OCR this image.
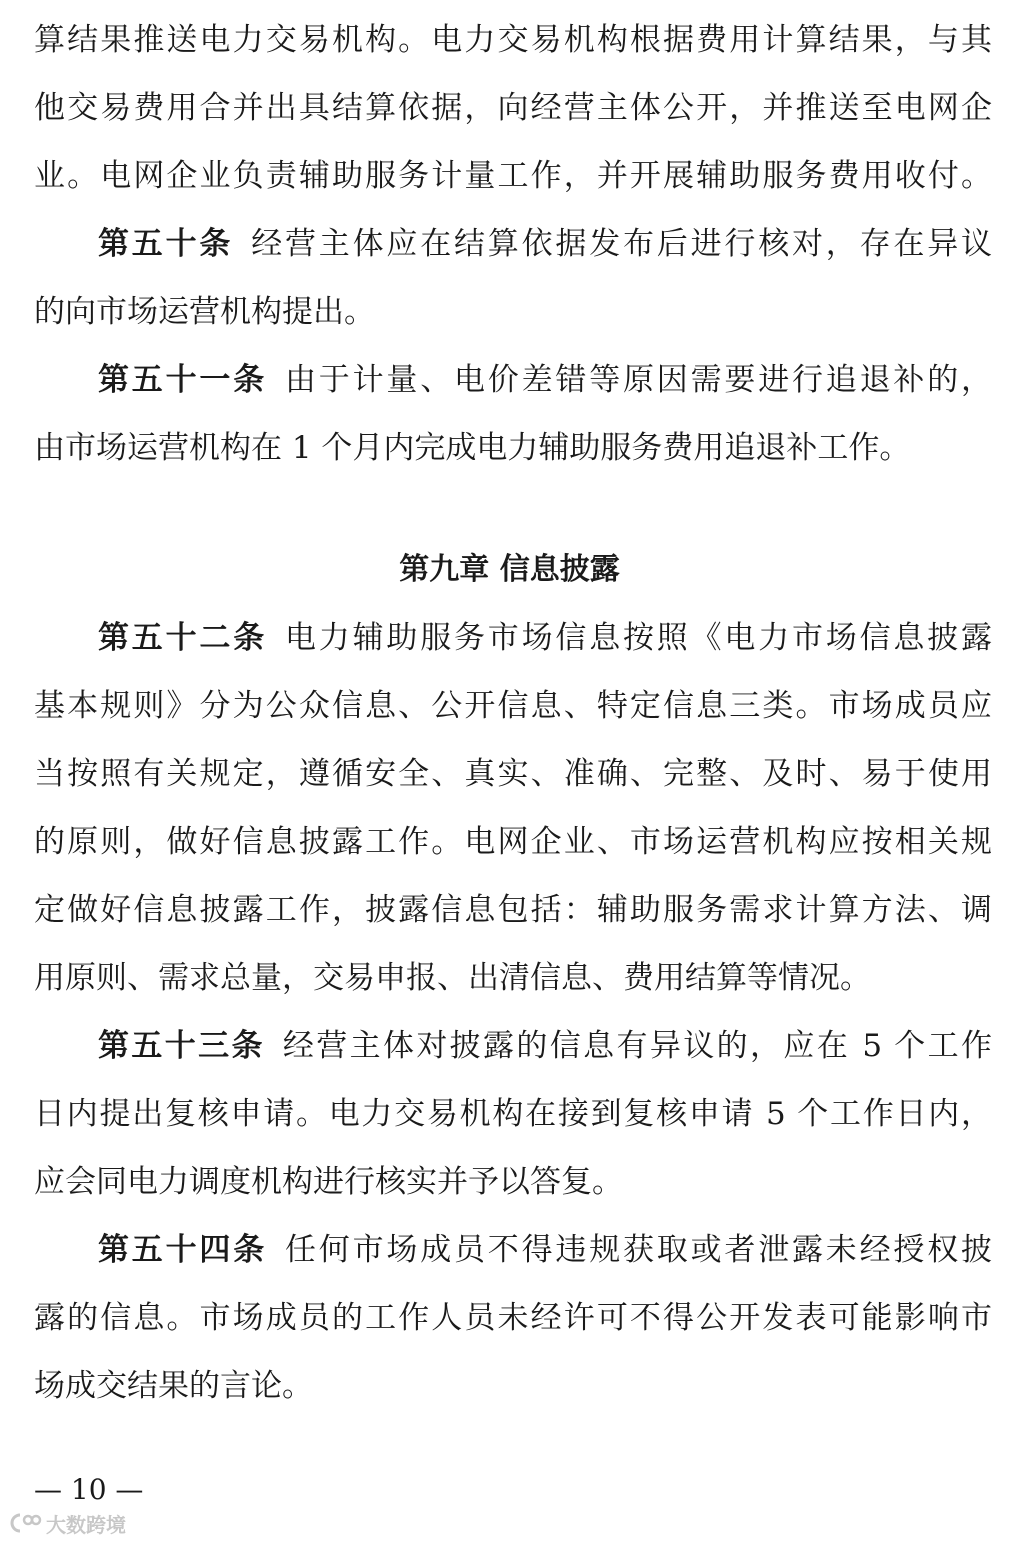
算结果推送电力交易机构。电力交易机构根据费用计算结果，与其
他交易费用合并出具结算依据，向经营主体公开，并推送至电网企
业。电网企业负责辅助服务计量工作，并开展辅助服务费用收付。
第五十条 经营主体应在结算依据发布后进行核对，存在异议
的向市场运营机构提出。
第五十一条 由于计量、电价差错等原因需要进行追退补的，
由市场运营机构在 1 个月内完成电力辅助服务费用追退补工作。
第九章 信息披露
第五十二条 电力辅助服务市场信息按照《电力市场信息披露
基本规则》分为公众信息、公开信息、特定信息三类。市场成员应
当按照有关规定，遵循安全、真实、准确、完整、及时、易于使用
的原则，做好信息披露工作。电网企业、市场运营机构应按相关规
定做好信息披露工作，披露信息包括：辅助服务需求计算方法、调
用原则、需求总量，交易申报、出清信息、费用结算等情况。
第五十三条 经营主体对披露的信息有异议的，应在 5 个工作
日内提出复核申请。电力交易机构在接到复核申请 5 个工作日内，
应会同电力调度机构进行核实并予以答复。
第五十四条 任何市场成员不得违规获取或者泄露未经授权披
露的信息。市场成员的工作人员未经许可不得公开发表可能影响市
场成交结果的言论。
— 10 —
大数跨境
